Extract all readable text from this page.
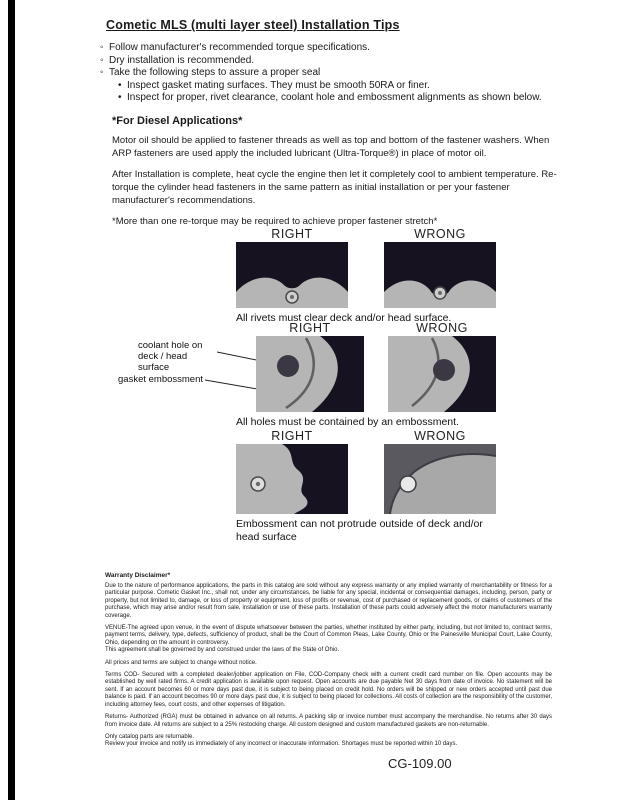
Cometic MLS (multi layer steel) Installation Tips
◦ Follow manufacturer's recommended torque specifications.
◦ Dry installation is recommended.
◦ Take the following steps to assure a proper seal
• Inspect gasket mating surfaces. They must be smooth 50RA or finer.
• Inspect for proper, rivet clearance, coolant hole and embossment alignments as shown below.
*For Diesel Applications*

Motor oil should be applied to fastener threads as well as top and bottom of the fastener washers. When ARP fasteners are used apply the included lubricant (Ultra-Torque®) in place of motor oil.

After Installation is complete, heat cycle the engine then let it completely cool to ambient temperature. Re-torque the cylinder head fasteners in the same pattern as initial installation or per your fastener manufacturer's recommendations.

*More than one re-torque may be required to achieve proper fastener stretch*
RIGHT	WRONG
All rivets must clear deck and/or head surface.
RIGHT	WRONG
coolant hole on deck / head surface
gasket embossment
All holes must be contained by an embossment.
RIGHT	WRONG
Embossment can not protrude outside of deck and/or head surface
Warranty Disclaimer*

Due to the nature of performance applications, the parts in this catalog are sold without any express warranty or any implied warranty of merchantability or fitness for a particular purpose. Cometic Gasket Inc., shall not, under any circumstances, be liable for any special, incidental or consequential damages, including, person, party or property, but not limited to, damage, or loss of property or equipment, loss of profits or revenue, cost of purchased or replacement goods, or claims of customers of the purchase, which may arise and/or result from sale, installation or use of these parts. Installation of these parts could adversely affect the motor manufacturers warranty coverage.

VENUE-The agreed upon venue, in the event of dispute whatsoever between the parties, whether instituted by either party, including, but not limited to, contract terms, payment terms, delivery, type, defects, sufficiency of product, shall be the Court of Common Pleas, Lake County, Ohio or the Painesville Municipal Court, Lake County, Ohio, depending on the amount in controversy.

This agreement shall be governed by and construed under the laws of the State of Ohio.

All prices and terms are subject to change without notice.

Terms COD- Secured with a completed dealer/jobber application on File, COD-Company check with a current credit card number on file. Open accounts may be established by well rated firms. A credit application is available upon request. Open accounts are due payable Net 30 days from date of invoice. No statement will be sent. If an account becomes 60 or more days past due, it is subject to being placed on credit hold. No orders will be shipped or new orders accepted until past due balance is paid. If an account becomes 90 or more days past due, it is subject to being placed for collections. All costs of collection are the responsibility of the customer, including attorney fees, court costs, and other expenses of litigation.

Returns- Authorized (RGA) must be obtained in advance on all returns. A packing slip or invoice number must accompany the merchandise. No returns after 30 days from invoice date. All returns are subject to a 25% restocking charge. All custom designed and custom manufactured gaskets are non-returnable.

Only catalog parts are returnable.

Review your invoice and notify us immediately of any incorrect or inaccurate information. Shortages must be reported within 10 days.

CG-109.00
